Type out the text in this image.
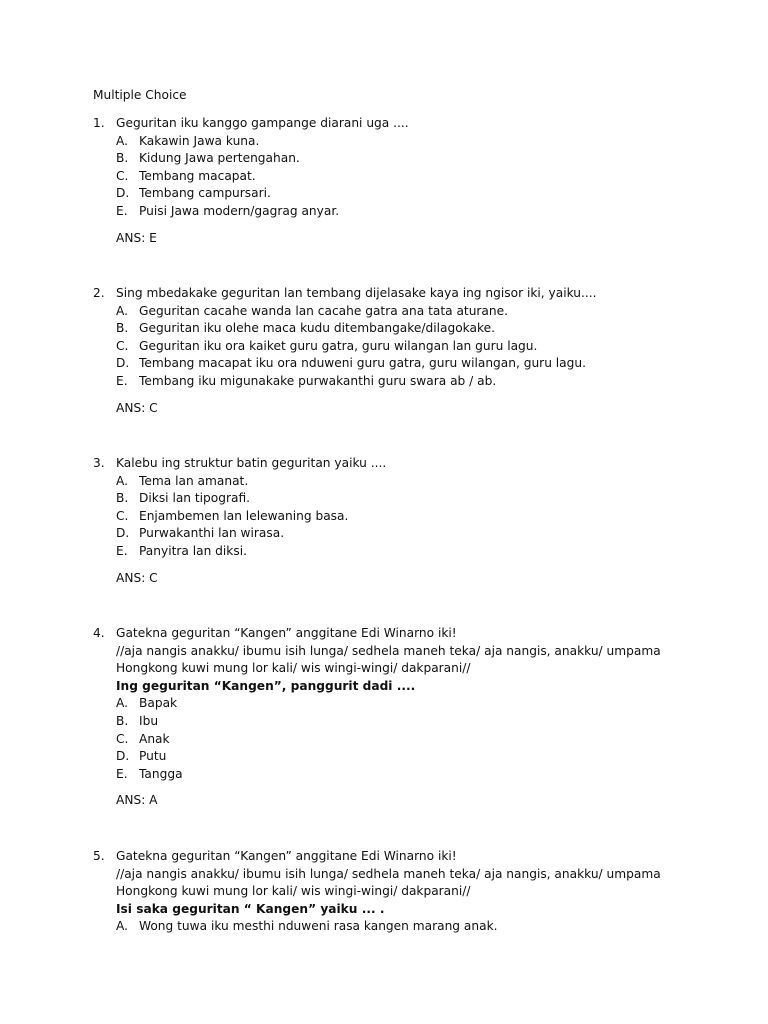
Multiple Choice
1. Geguritan iku kanggo gampange diarani uga ....
A. Kakawin Jawa kuna.
B. Kidung Jawa pertengahan.
C. Tembang macapat.
D. Tembang campursari.
E. Puisi Jawa modern/gagrag anyar.
ANS: E
2. Sing mbedakake geguritan lan tembang dijelasake kaya ing ngisor iki, yaiku....
A. Geguritan cacahe wanda lan cacahe gatra ana tata aturane.
B. Geguritan iku olehe maca kudu ditembangake/dilagokake.
C. Geguritan iku ora kaiket guru gatra, guru wilangan lan guru lagu.
D. Tembang macapat iku ora nduweni guru gatra, guru wilangan, guru lagu.
E. Tembang iku migunakake purwakanthi guru swara ab / ab.
ANS: C
3. Kalebu ing struktur batin geguritan yaiku ....
A. Tema lan amanat.
B. Diksi lan tipografi.
C. Enjambemen lan lelewaning basa.
D. Purwakanthi lan wirasa.
E. Panyitra lan diksi.
ANS: C
4. Gatekna geguritan “Kangen” anggitane Edi Winarno iki!
//aja nangis anakku/ ibumu isih lunga/ sedhela maneh teka/ aja nangis, anakku/ umpama
Hongkong kuwi mung lor kali/ wis wingi-wingi/ dakparani//
Ing geguritan “Kangen”, panggurit dadi ....
A. Bapak
B. Ibu
C. Anak
D. Putu
E. Tangga
ANS: A
5. Gatekna geguritan “Kangen” anggitane Edi Winarno iki!
//aja nangis anakku/ ibumu isih lunga/ sedhela maneh teka/ aja nangis, anakku/ umpama
Hongkong kuwi mung lor kali/ wis wingi-wingi/ dakparani//
Isi saka geguritan “ Kangen” yaiku ... .
A. Wong tuwa iku mesthi nduweni rasa kangen marang anak.
